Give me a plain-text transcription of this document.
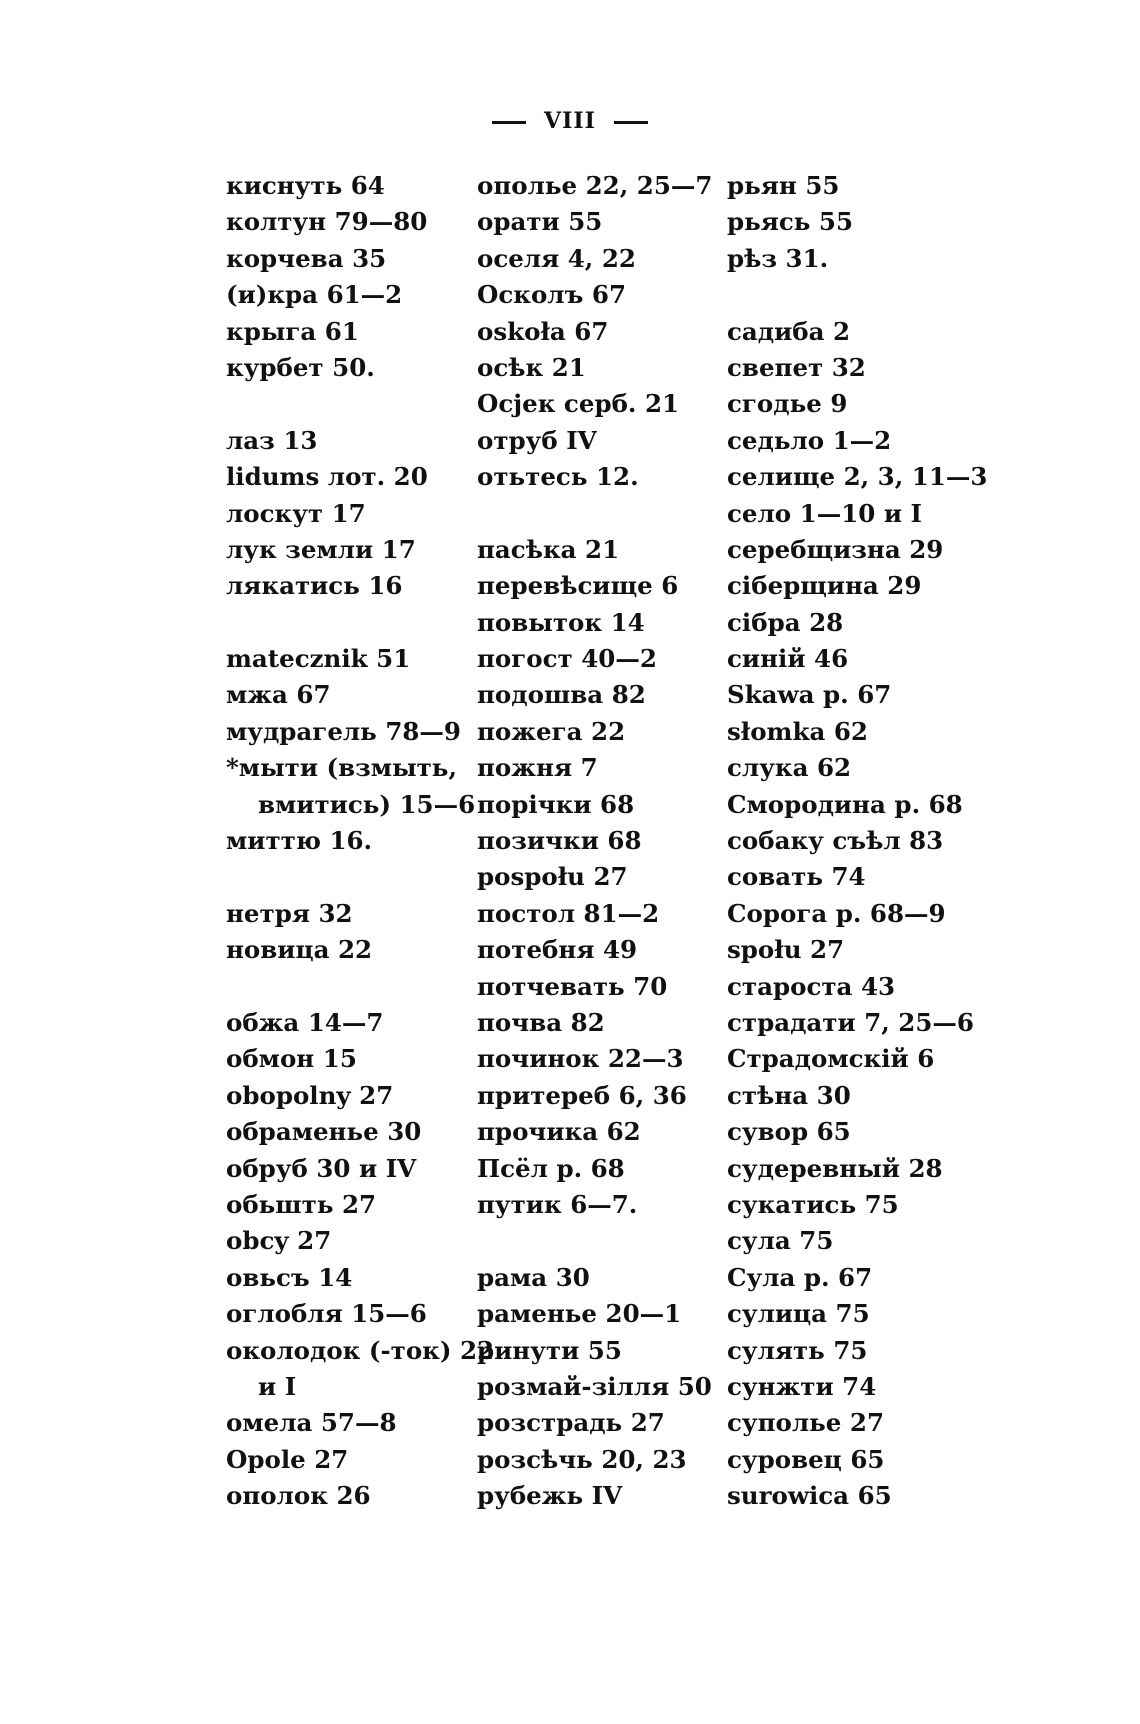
VIII
киснуть 64
колтун 79—80
корчева 35
(и)кра 61—2
крыга 61
курбет 50.

лаз 13
lidums лот. 20
лоскут 17
лук земли 17
лякатись 16

matecznik 51
мжа 67
мудрагель 78—9
*мыти (взмыть,
вмитись) 15—6
миттю 16.

нетря 32
новица 22

обжа 14—7
обмон 15
obopolny 27
обраменье 30
обруб 30 и IV
обьшть 27
obcy 27
овьсъ 14
оглобля 15—6
околодок (-ток) 22
и I
омела 57—8
Opole 27
ополок 26
ополье 22, 25—7
орати 55
оселя 4, 22
Осколъ 67
oskoła 67
осѣк 21
Осjек серб. 21
отруб IV
отьтесь 12.

пасѣка 21
перевѣсище 6
повыток 14
погост 40—2
подошва 82
пожега 22
пожня 7
порічки 68
позички 68
pospołu 27
постол 81—2
потебня 49
потчевать 70
почва 82
починок 22—3
притереб 6, 36
прочика 62
Псёл р. 68
путик 6—7.

рама 30
раменье 20—1
ринути 55
розмай-зілля 50
розстрадь 27
розсѣчь 20, 23
рубежь IV
рьян 55
рьясь 55
рѣз 31.

садиба 2
свепет 32
сгодье 9
седьло 1—2
селище 2, 3, 11—3
село 1—10 и I
серебщизна 29
сіберщина 29
сібра 28
синій 46
Skawa р. 67
słomka 62
слука 62
Смородина р. 68
собаку съѣл 83
совать 74
Сорога р. 68—9
społu 27
староста 43
страдати 7, 25—6
Страдомскій 6
стѣна 30
сувор 65
судеревный 28
сукатись 75
сула 75
Сула р. 67
сулица 75
сулять 75
сунжти 74
суполье 27
суровец 65
surowica 65
